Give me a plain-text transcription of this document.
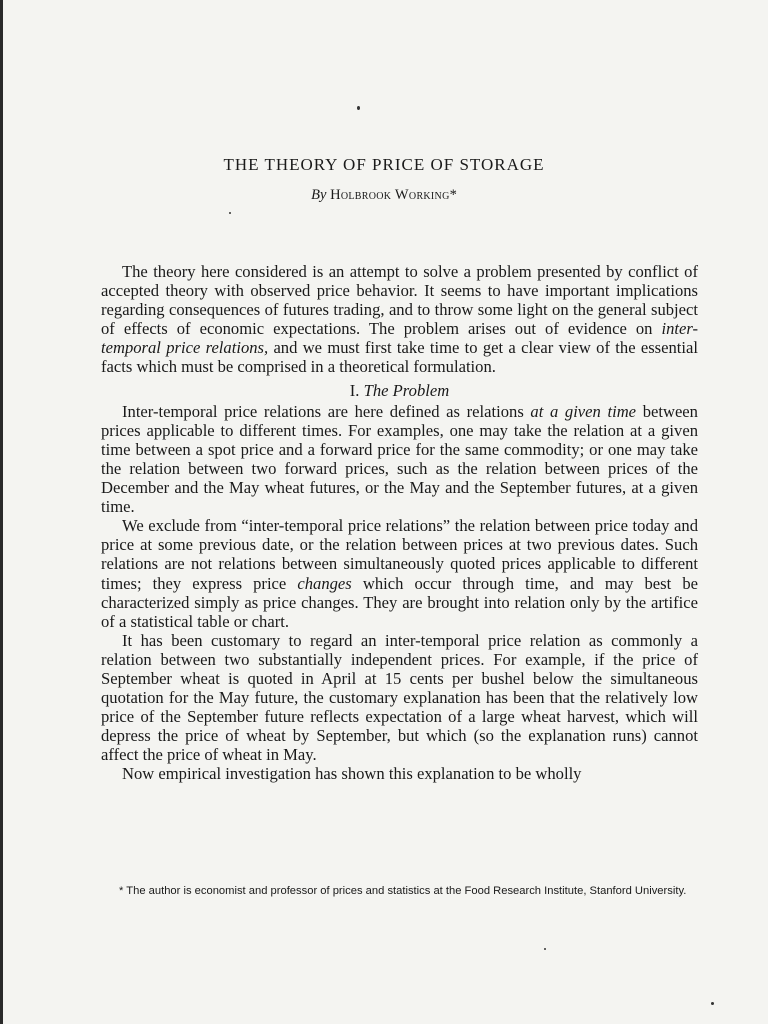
THE THEORY OF PRICE OF STORAGE
By Holbrook Working*

The theory here considered is an attempt to solve a problem presented by conflict of accepted theory with observed price behavior. It seems to have important implications regarding consequences of futures trading, and to throw some light on the general subject of effects of economic expectations. The problem arises out of evidence on inter-temporal price relations, and we must first take time to get a clear view of the essential facts which must be comprised in a theoretical formulation.

I. The Problem

Inter-temporal price relations are here defined as relations at a given time between prices applicable to different times. For examples, one may take the relation at a given time between a spot price and a forward price for the same commodity; or one may take the relation between two forward prices, such as the relation between prices of the December and the May wheat futures, or the May and the September futures, at a given time.

We exclude from “inter-temporal price relations” the relation between price today and price at some previous date, or the relation between prices at two previous dates. Such relations are not relations between simultaneously quoted prices applicable to different times; they express price changes which occur through time, and may best be characterized simply as price changes. They are brought into relation only by the artifice of a statistical table or chart.

It has been customary to regard an inter-temporal price relation as commonly a relation between two substantially independent prices. For example, if the price of September wheat is quoted in April at 15 cents per bushel below the simultaneous quotation for the May future, the customary explanation has been that the relatively low price of the September future reflects expectation of a large wheat harvest, which will depress the price of wheat by September, but which (so the explanation runs) cannot affect the price of wheat in May.

Now empirical investigation has shown this explanation to be wholly

* The author is economist and professor of prices and statistics at the Food Research Institute, Stanford University.
